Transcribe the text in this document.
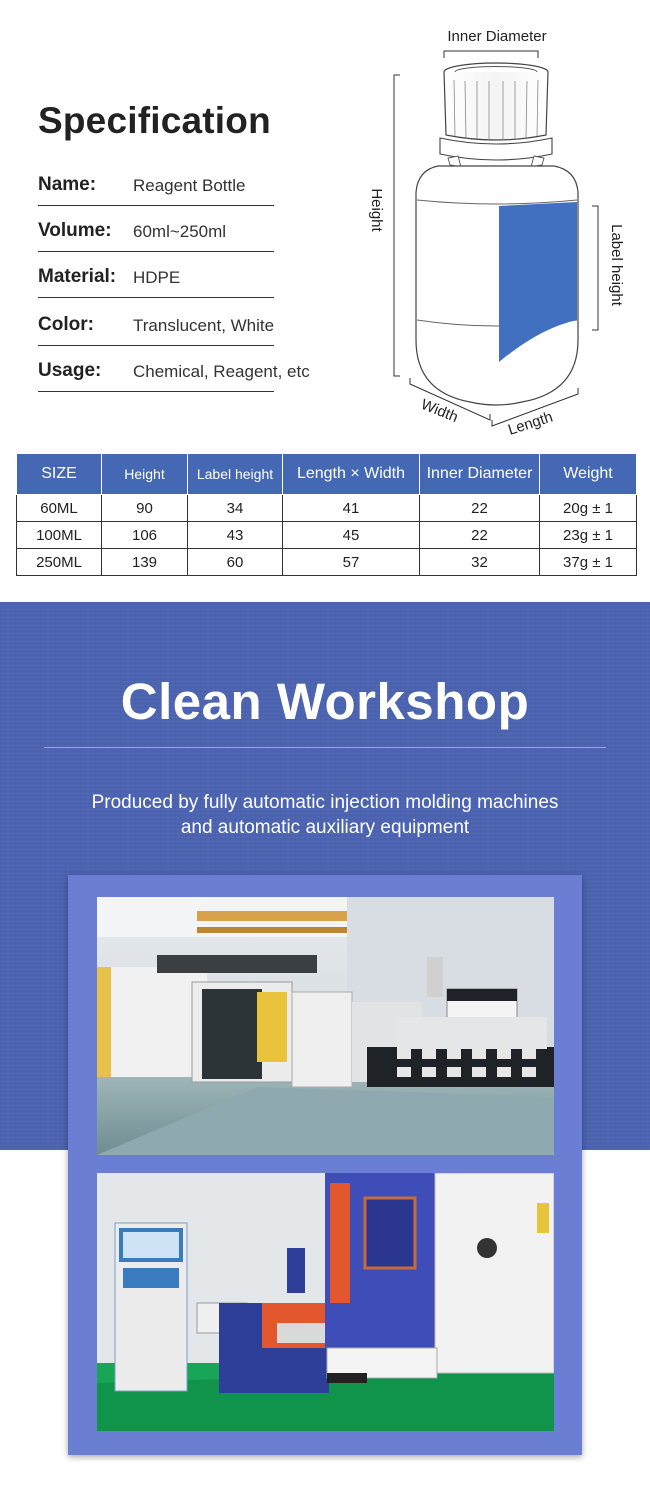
Specification
Name: Reagent Bottle
Volume: 60ml~250ml
Material: HDPE
Color: Translucent, White
Usage: Chemical, Reagent, etc
Inner Diameter
Height
Label height
Width	Length
SIZE	Height	Label height	Length × Width	Inner Diameter	Weight
60ML	90	34	41	22	20g ± 1
100ML	106	43	45	22	23g ± 1
250ML	139	60	57	32	37g ± 1
Clean Workshop
Produced by fully automatic injection molding machines
and automatic auxiliary equipment
